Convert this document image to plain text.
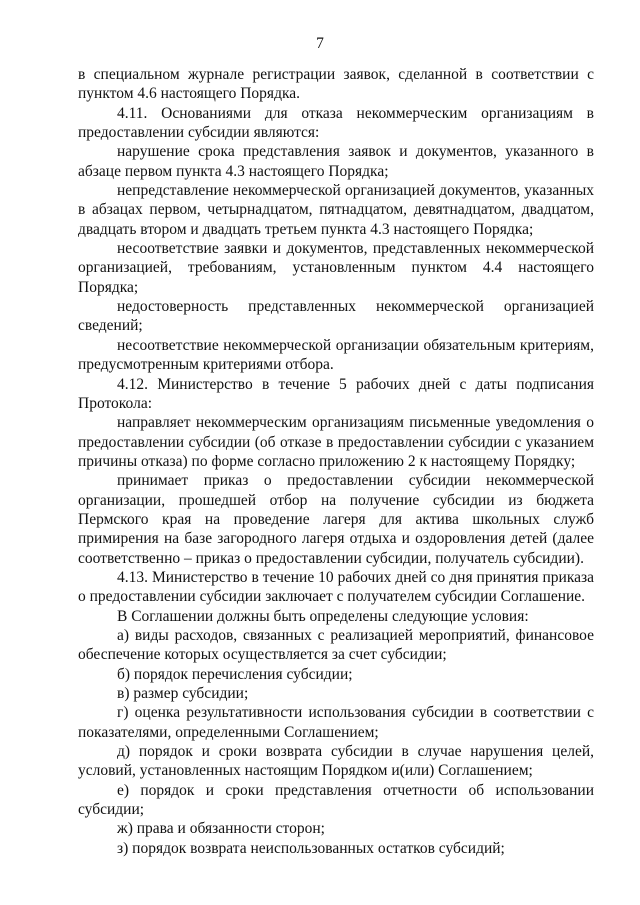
7

в специальном журнале регистрации заявок, сделанной в соответствии с пунктом 4.6 настоящего Порядка.

4.11. Основаниями для отказа некоммерческим организациям в предоставлении субсидии являются:

нарушение срока представления заявок и документов, указанного в абзаце первом пункта 4.3 настоящего Порядка;

непредставление некоммерческой организацией документов, указанных в абзацах первом, четырнадцатом, пятнадцатом, девятнадцатом, двадцатом, двадцать втором и двадцать третьем пункта 4.3 настоящего Порядка;

несоответствие заявки и документов, представленных некоммерческой организацией, требованиям, установленным пунктом 4.4 настоящего Порядка;

недостоверность представленных некоммерческой организацией сведений;

несоответствие некоммерческой организации обязательным критериям, предусмотренным критериями отбора.

4.12. Министерство в течение 5 рабочих дней с даты подписания Протокола:

направляет некоммерческим организациям письменные уведомления о предоставлении субсидии (об отказе в предоставлении субсидии с указанием причины отказа) по форме согласно приложению 2 к настоящему Порядку;

принимает приказ о предоставлении субсидии некоммерческой организации, прошедшей отбор на получение субсидии из бюджета Пермского края на проведение лагеря для актива школьных служб примирения на базе загородного лагеря отдыха и оздоровления детей (далее соответственно – приказ о предоставлении субсидии, получатель субсидии).

4.13. Министерство в течение 10 рабочих дней со дня принятия приказа о предоставлении субсидии заключает с получателем субсидии Соглашение.

В Соглашении должны быть определены следующие условия:

а) виды расходов, связанных с реализацией мероприятий, финансовое обеспечение которых осуществляется за счет субсидии;

б) порядок перечисления субсидии;

в) размер субсидии;

г) оценка результативности использования субсидии в соответствии с показателями, определенными Соглашением;

д) порядок и сроки возврата субсидии в случае нарушения целей, условий, установленных настоящим Порядком и(или) Соглашением;

е) порядок и сроки представления отчетности об использовании субсидии;

ж) права и обязанности сторон;

з) порядок возврата неиспользованных остатков субсидий;
